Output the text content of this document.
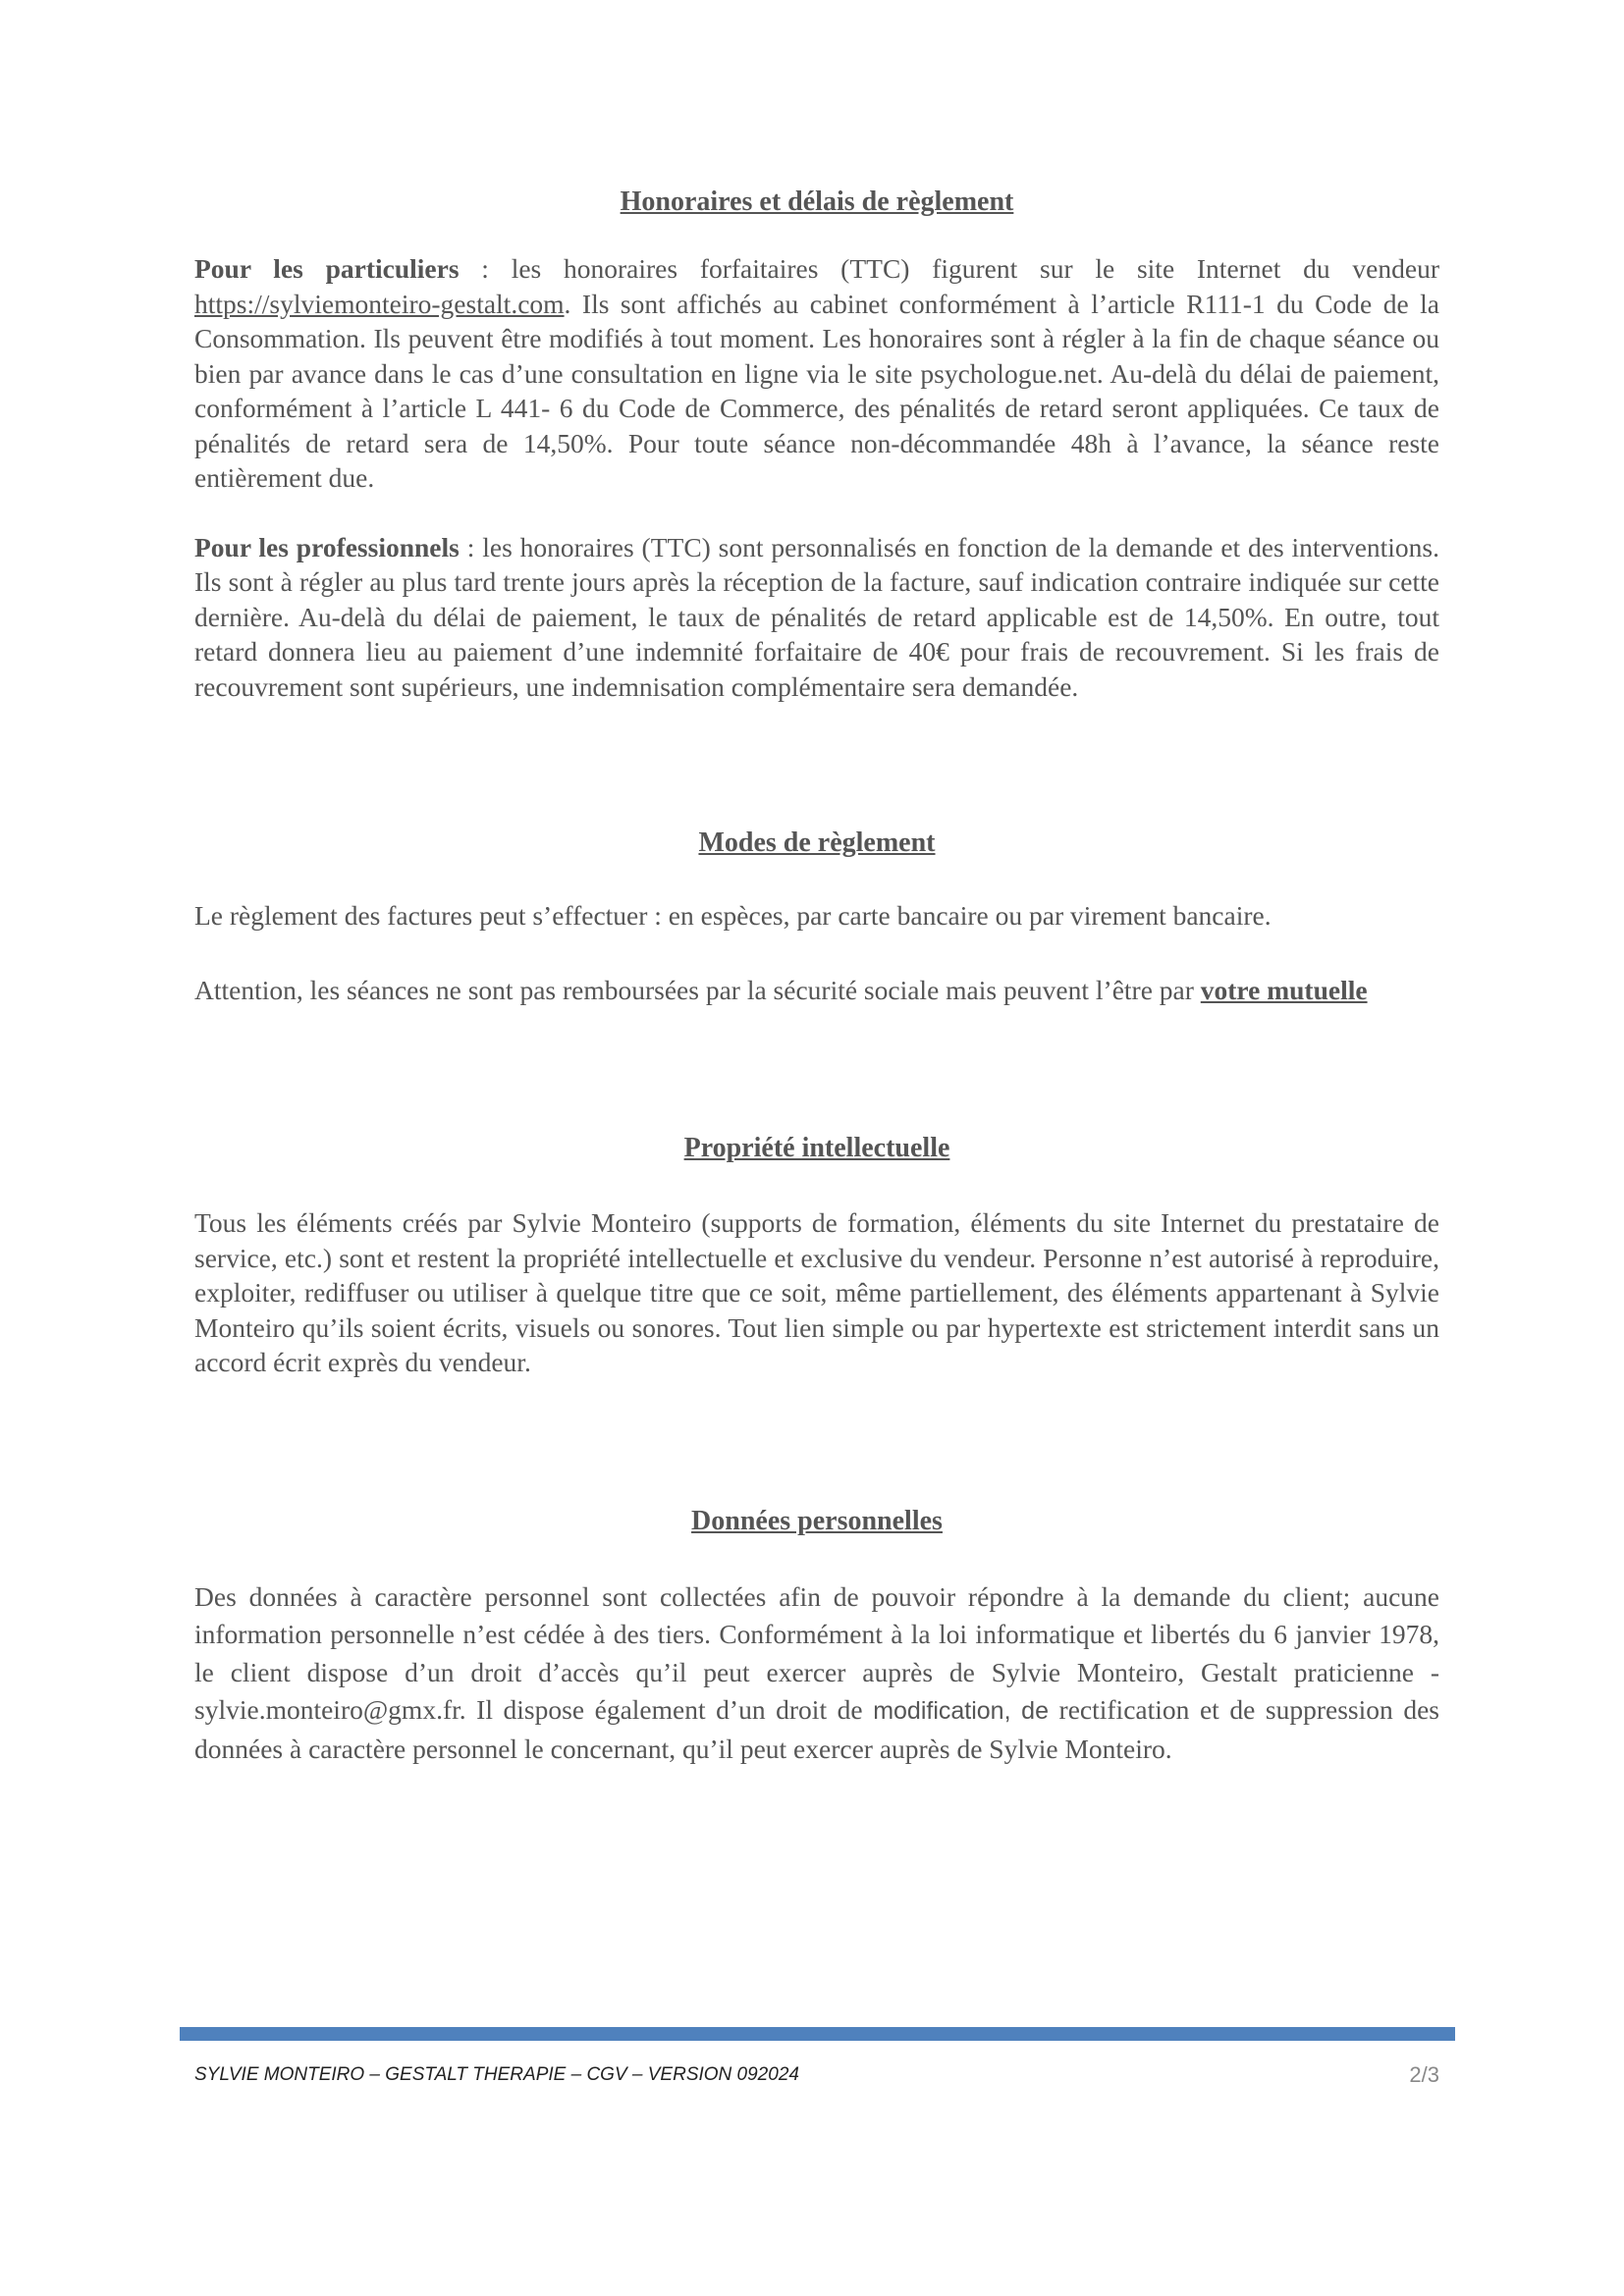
Honoraires et délais de règlement

Pour les particuliers : les honoraires forfaitaires (TTC) figurent sur le site Internet du vendeur https://sylviemonteiro-gestalt.com. Ils sont affichés au cabinet conformément à l’article R111-1 du Code de la Consommation. Ils peuvent être modifiés à tout moment. Les honoraires sont à régler à la fin de chaque séance ou bien par avance dans le cas d’une consultation en ligne via le site psychologue.net. Au-delà du délai de paiement, conformément à l’article L 441- 6 du Code de Commerce, des pénalités de retard seront appliquées. Ce taux de pénalités de retard sera de 14,50%. Pour toute séance non-décommandée 48h à l’avance, la séance reste entièrement due.

Pour les professionnels : les honoraires (TTC) sont personnalisés en fonction de la demande et des interventions. Ils sont à régler au plus tard trente jours après la réception de la facture, sauf indication contraire indiquée sur cette dernière. Au-delà du délai de paiement, le taux de pénalités de retard applicable est de 14,50%. En outre, tout retard donnera lieu au paiement d’une indemnité forfaitaire de 40€ pour frais de recouvrement. Si les frais de recouvrement sont supérieurs, une indemnisation complémentaire sera demandée.

Modes de règlement

Le règlement des factures peut s’effectuer : en espèces, par carte bancaire ou par virement bancaire.

Attention, les séances ne sont pas remboursées par la sécurité sociale mais peuvent l’être par votre mutuelle

Propriété intellectuelle

Tous les éléments créés par Sylvie Monteiro (supports de formation, éléments du site Internet du prestataire de service, etc.) sont et restent la propriété intellectuelle et exclusive du vendeur. Personne n’est autorisé à reproduire, exploiter, rediffuser ou utiliser à quelque titre que ce soit, même partiellement, des éléments appartenant à Sylvie Monteiro qu’ils soient écrits, visuels ou sonores. Tout lien simple ou par hypertexte est strictement interdit sans un accord écrit exprès du vendeur.

Données personnelles

Des données à caractère personnel sont collectées afin de pouvoir répondre à la demande du client; aucune information personnelle n’est cédée à des tiers. Conformément à la loi informatique et libertés du 6 janvier 1978, le client dispose d’un droit d’accès qu’il peut exercer auprès de Sylvie Monteiro, Gestalt praticienne - sylvie.monteiro@gmx.fr. Il dispose également d’un droit de modification, de rectification et de suppression des données à caractère personnel le concernant, qu’il peut exercer auprès de Sylvie Monteiro.

SYLVIE MONTEIRO – GESTALT THERAPIE – CGV – VERSION 092024	2/3
